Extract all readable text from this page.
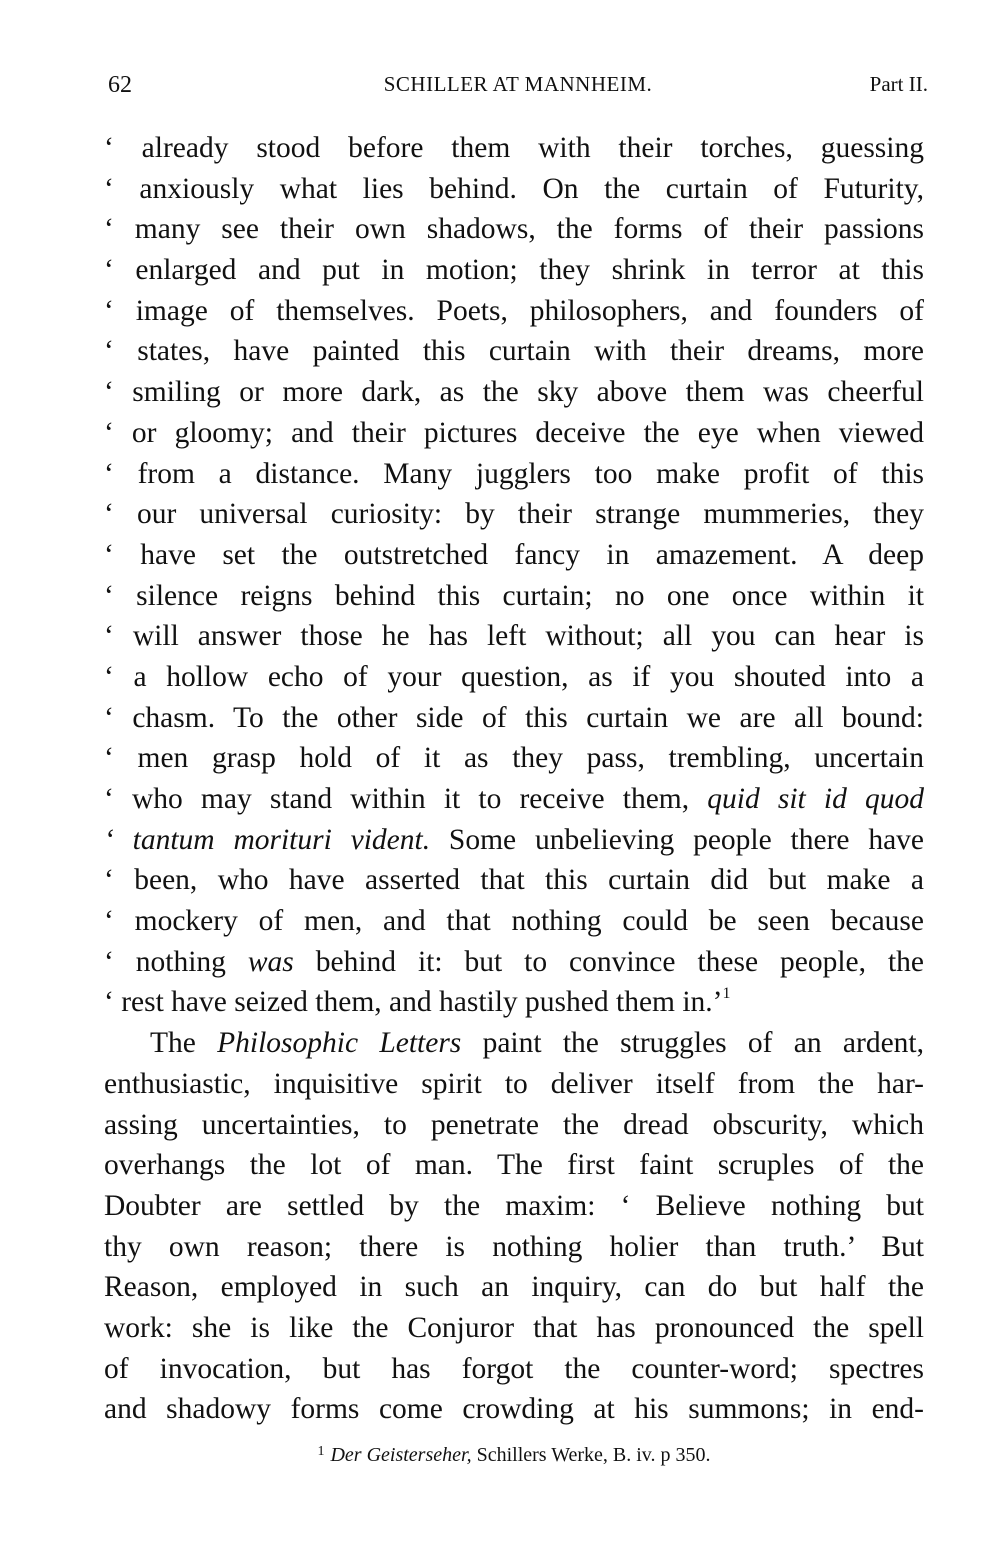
62	SCHILLER AT MANNHEIM.	Part II.
‘ already stood before them with their torches, guessing
‘ anxiously what lies behind. On the curtain of Futurity,
‘ many see their own shadows, the forms of their passions
‘ enlarged and put in motion; they shrink in terror at this
‘ image of themselves. Poets, philosophers, and founders of
‘ states, have painted this curtain with their dreams, more
‘ smiling or more dark, as the sky above them was cheerful
‘ or gloomy; and their pictures deceive the eye when viewed
‘ from a distance. Many jugglers too make profit of this
‘ our universal curiosity: by their strange mummeries, they
‘ have set the outstretched fancy in amazement. A deep
‘ silence reigns behind this curtain; no one once within it
‘ will answer those he has left without; all you can hear is
‘ a hollow echo of your question, as if you shouted into a
‘ chasm. To the other side of this curtain we are all bound:
‘ men grasp hold of it as they pass, trembling, uncertain
‘ who may stand within it to receive them, quid sit id quod
‘ tantum morituri vident. Some unbelieving people there have
‘ been, who have asserted that this curtain did but make a
‘ mockery of men, and that nothing could be seen because
‘ nothing was behind it: but to convince these people, the
‘ rest have seized them, and hastily pushed them in.’$^1$
The Philosophic Letters paint the struggles of an ardent,
enthusiastic, inquisitive spirit to deliver itself from the har-
assing uncertainties, to penetrate the dread obscurity, which
overhangs the lot of man. The first faint scruples of the
Doubter are settled by the maxim: ‘ Believe nothing but
thy own reason; there is nothing holier than truth.’ But
Reason, employed in such an inquiry, can do but half the
work: she is like the Conjuror that has pronounced the spell
of invocation, but has forgot the counter-word; spectres
and shadowy forms come crowding at his summons; in end-
$^1$ Der Geisterseher, Schillers Werke, B. iv. p 350.
